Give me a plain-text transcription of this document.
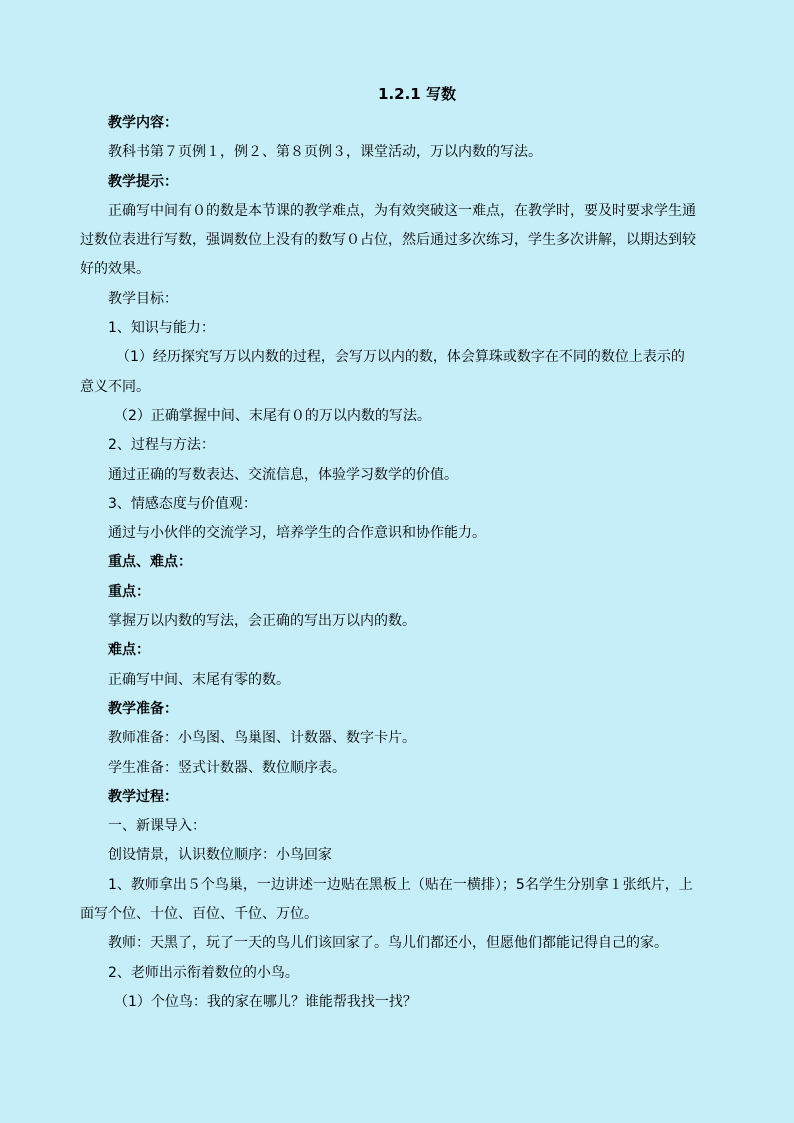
1.2.1 写数

教学内容：

教科书第７页例１，例２、第８页例３，课堂活动，万以内数的写法。

教学提示：

正确写中间有０的数是本节课的教学难点，为有效突破这一难点，在教学时，要及时要求学生通过数位表进行写数，强调数位上没有的数写０占位，然后通过多次练习，学生多次讲解，以期达到较好的效果。

教学目标：

1、知识与能力：

（1）经历探究写万以内数的过程，会写万以内的数，体会算珠或数字在不同的数位上表示的意义不同。

（2）正确掌握中间、末尾有０的万以内数的写法。

2、过程与方法：

通过正确的写数表达、交流信息，体验学习数学的价值。

3、情感态度与价值观：

通过与小伙伴的交流学习，培养学生的合作意识和协作能力。

重点、难点：

重点：

掌握万以内数的写法，会正确的写出万以内的数。

难点：

正确写中间、末尾有零的数。

教学准备：

教师准备：小鸟图、鸟巢图、计数器、数字卡片。

学生准备：竖式计数器、数位顺序表。

教学过程：

一、新课导入：

创设情景，认识数位顺序：小鸟回家

1、教师拿出５个鸟巢，一边讲述一边贴在黑板上（贴在一横排）；5名学生分别拿１张纸片，上面写个位、十位、百位、千位、万位。

教师：天黑了，玩了一天的鸟儿们该回家了。鸟儿们都还小，但愿他们都能记得自己的家。

2、老师出示衔着数位的小鸟。

（1）个位鸟：我的家在哪儿？谁能帮我找一找？
